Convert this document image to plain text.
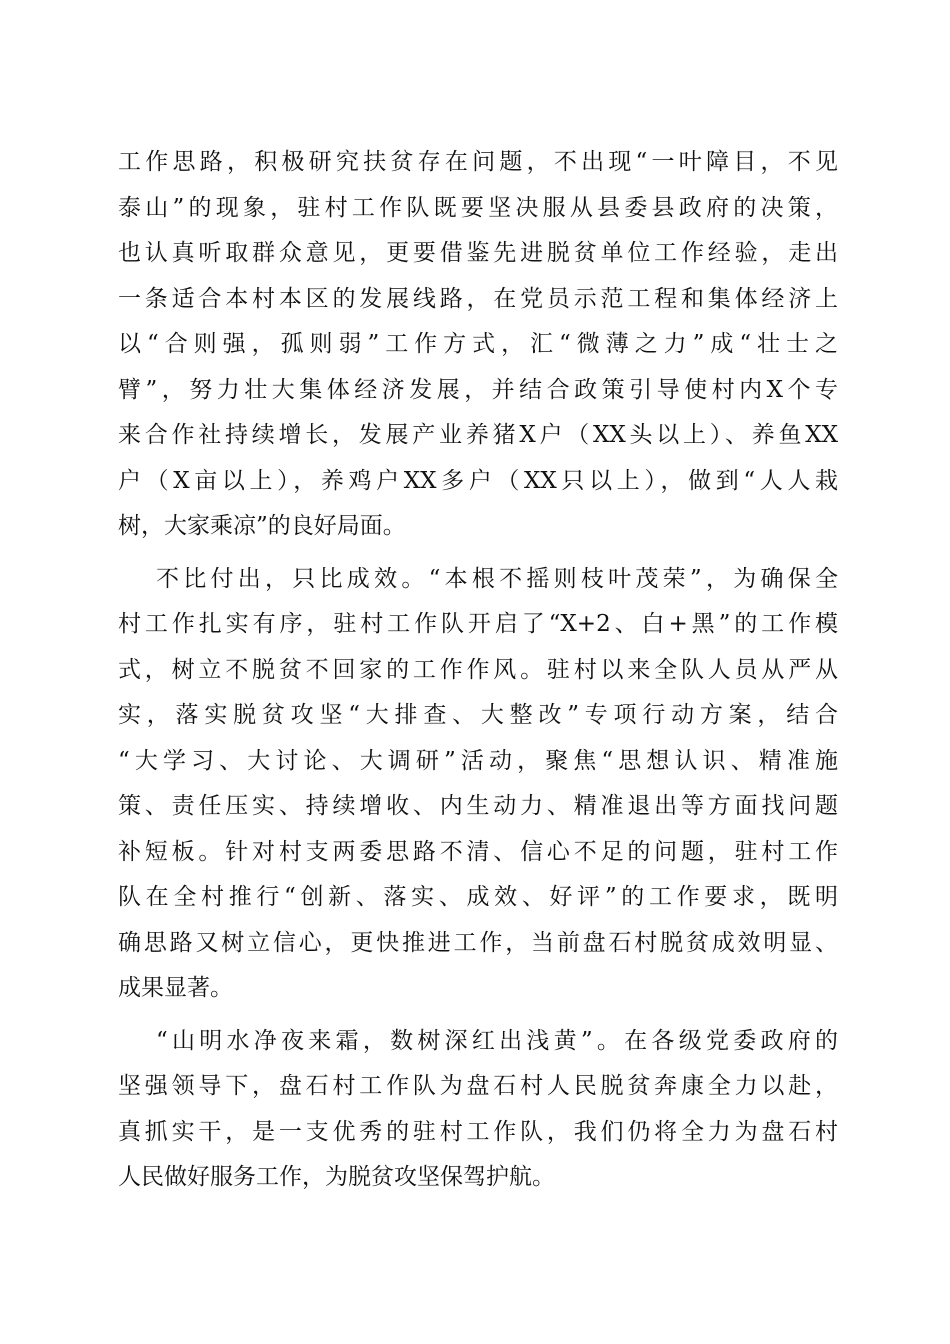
工作思路，积极研究扶贫存在问题，不出现“一叶障目，不见
泰山”的现象，驻村工作队既要坚决服从县委县政府的决策，
也认真听取群众意见，更要借鉴先进脱贫单位工作经验，走出
一条适合本村本区的发展线路，在党员示范工程和集体经济上
以“合则强，孤则弱”工作方式，汇“微薄之力”成“壮士之
臂”，努力壮大集体经济发展，并结合政策引导使村内X个专
来合作社持续增长，发展产业养猪X户（XX头以上）、养鱼XX
户（X亩以上），养鸡户XX多户（XX只以上），做到“人人栽
树，大家乘凉”的良好局面。
不比付出，只比成效。“本根不摇则枝叶茂荣”，为确保全
村工作扎实有序，驻村工作队开启了“X+2、白+黑”的工作模
式，树立不脱贫不回家的工作作风。驻村以来全队人员从严从
实，落实脱贫攻坚“大排查、大整改”专项行动方案，结合
“大学习、大讨论、大调研”活动，聚焦“思想认识、精准施
策、责任压实、持续增收、内生动力、精准退出等方面找问题
补短板。针对村支两委思路不清、信心不足的问题，驻村工作
队在全村推行“创新、落实、成效、好评”的工作要求，既明
确思路又树立信心，更快推进工作，当前盘石村脱贫成效明显、
成果显著。
“山明水净夜来霜，数树深红出浅黄”。在各级党委政府的
坚强领导下，盘石村工作队为盘石村人民脱贫奔康全力以赴，
真抓实干，是一支优秀的驻村工作队，我们仍将全力为盘石村
人民做好服务工作，为脱贫攻坚保驾护航。
